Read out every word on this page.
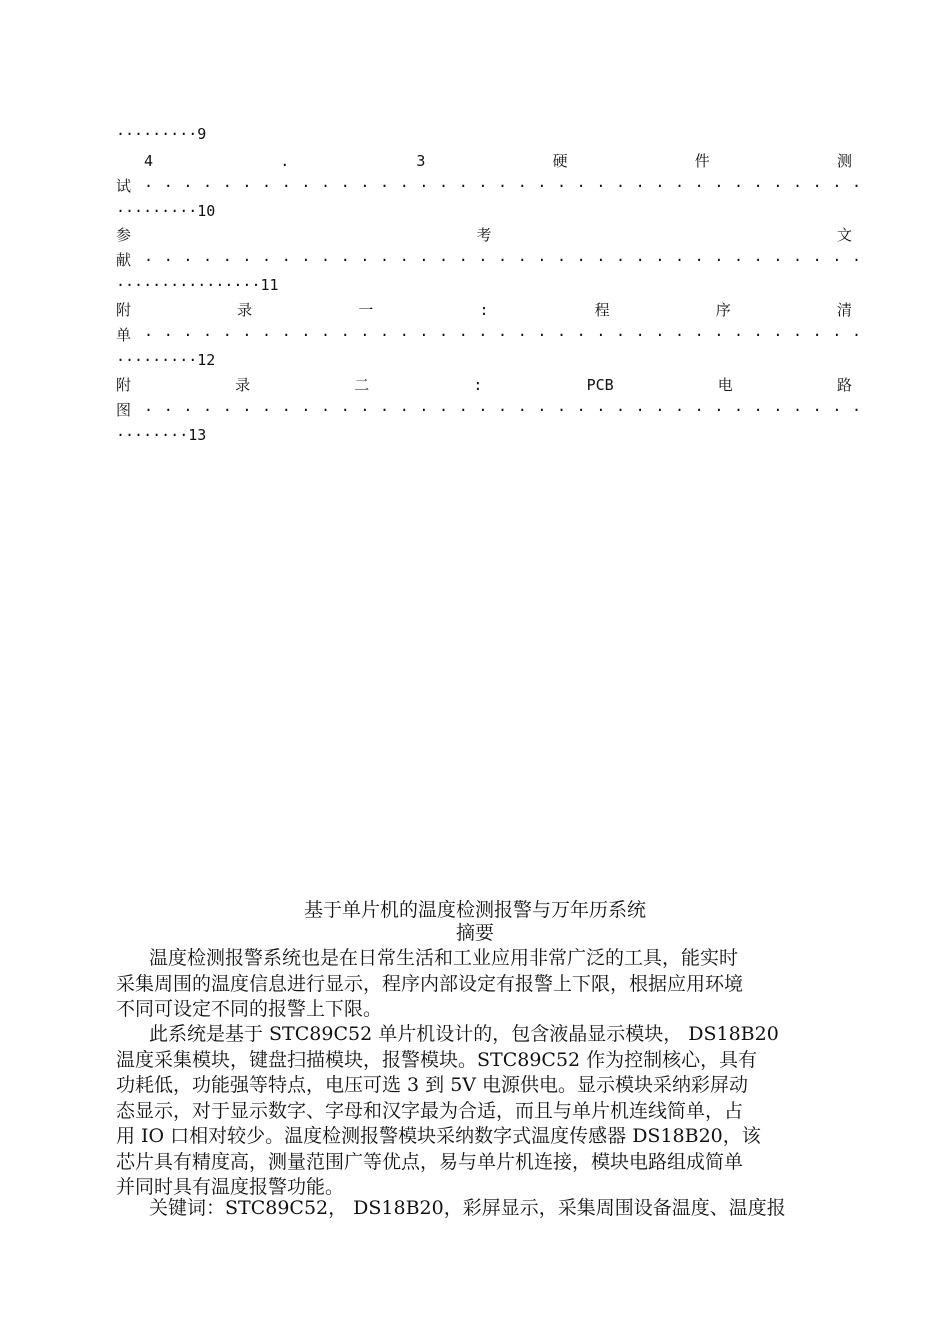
·········9
4	.	3	硬	件	测
试 ·····································
·········10
参	考	文
献 ·····································
················11
附	录	一	:	程	序	清
单 ·····································
·········12
附	录	二	:	PCB	电	路
图 ·····································
········13
基于单片机的温度检测报警与万年历系统
摘要
温度检测报警系统也是在日常生活和工业应用非常广泛的工具，能实时
采集周围的温度信息进行显示，程序内部设定有报警上下限，根据应用环境
不同可设定不同的报警上下限。
此系统是基于 STC89C52 单片机设计的，包含液晶显示模块， DS18B20
温度采集模块，键盘扫描模块，报警模块。STC89C52 作为控制核心，具有
功耗低，功能强等特点，电压可选 3 到 5V 电源供电。显示模块采纳彩屏动
态显示，对于显示数字、字母和汉字最为合适，而且与单片机连线简单，占
用 IO 口相对较少。温度检测报警模块采纳数字式温度传感器 DS18B20，该
芯片具有精度高，测量范围广等优点，易与单片机连接，模块电路组成简单
并同时具有温度报警功能。
关键词：STC89C52， DS18B20，彩屏显示，采集周围设备温度、温度报
